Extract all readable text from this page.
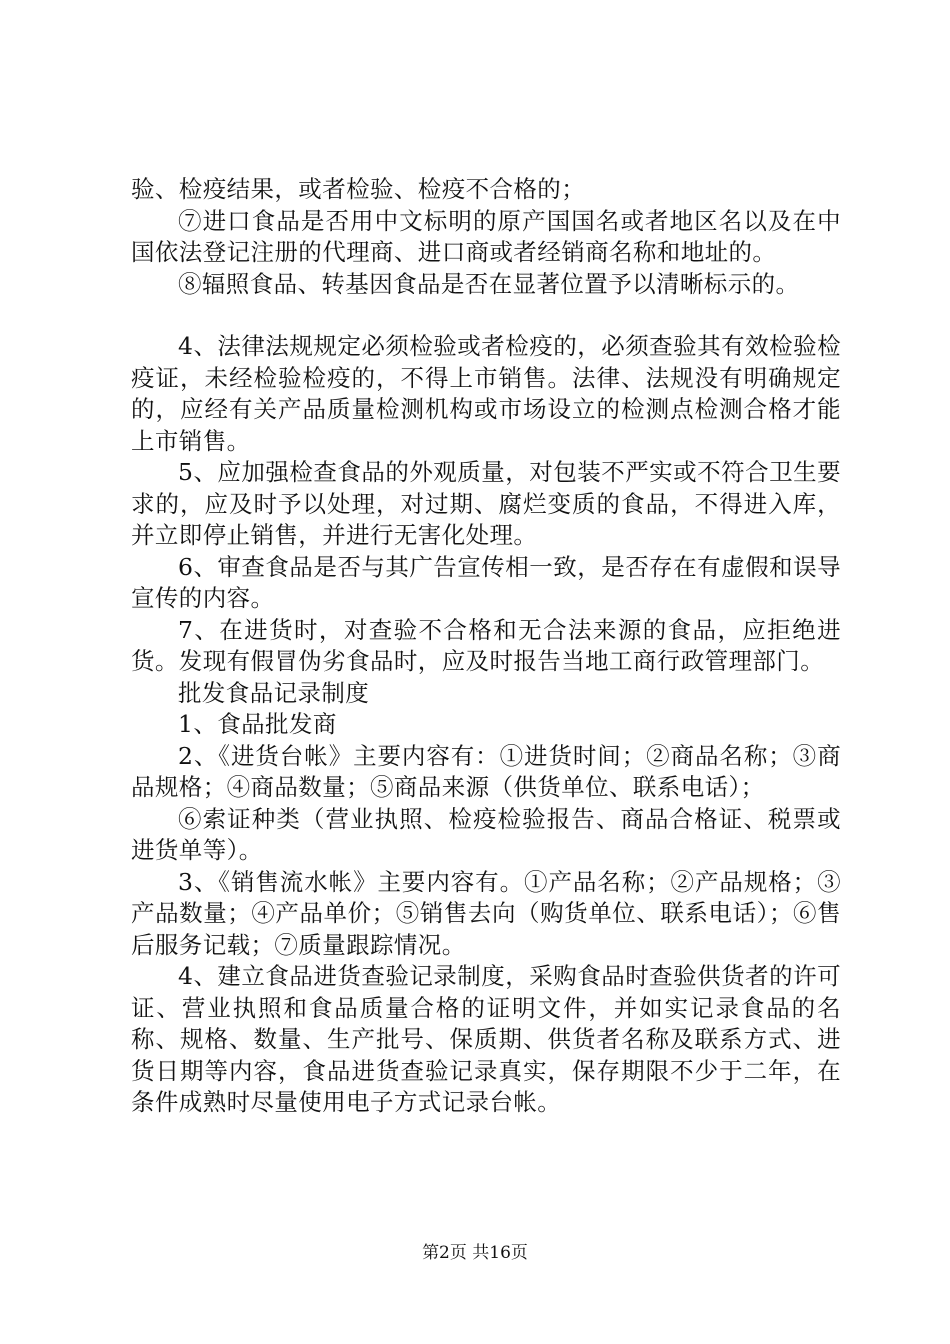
验、检疫结果，或者检验、检疫不合格的；

⑦进口食品是否用中文标明的原产国国名或者地区名以及在中国依法登记注册的代理商、进口商或者经销商名称和地址的。

⑧辐照食品、转基因食品是否在显著位置予以清晰标示的。

4、法律法规规定必须检验或者检疫的，必须查验其有效检验检疫证，未经检验检疫的，不得上市销售。法律、法规没有明确规定的，应经有关产品质量检测机构或市场设立的检测点检测合格才能上市销售。

5、应加强检查食品的外观质量，对包装不严实或不符合卫生要求的，应及时予以处理，对过期、腐烂变质的食品，不得进入库，并立即停止销售，并进行无害化处理。

6、审查食品是否与其广告宣传相一致，是否存在有虚假和误导宣传的内容。

7、在进货时，对查验不合格和无合法来源的食品，应拒绝进货。发现有假冒伪劣食品时，应及时报告当地工商行政管理部门。

批发食品记录制度

1、食品批发商

2、《进货台帐》主要内容有：①进货时间；②商品名称；③商品规格；④商品数量；⑤商品来源（供货单位、联系电话）；

⑥索证种类（营业执照、检疫检验报告、商品合格证、税票或进货单等）。

3、《销售流水帐》主要内容有。①产品名称；②产品规格；③产品数量；④产品单价；⑤销售去向（购货单位、联系电话）；⑥售后服务记载；⑦质量跟踪情况。

4、建立食品进货查验记录制度，采购食品时查验供货者的许可证、营业执照和食品质量合格的证明文件，并如实记录食品的名称、规格、数量、生产批号、保质期、供货者名称及联系方式、进货日期等内容，食品进货查验记录真实，保存期限不少于二年，在条件成熟时尽量使用电子方式记录台帐。

第2页 共16页
